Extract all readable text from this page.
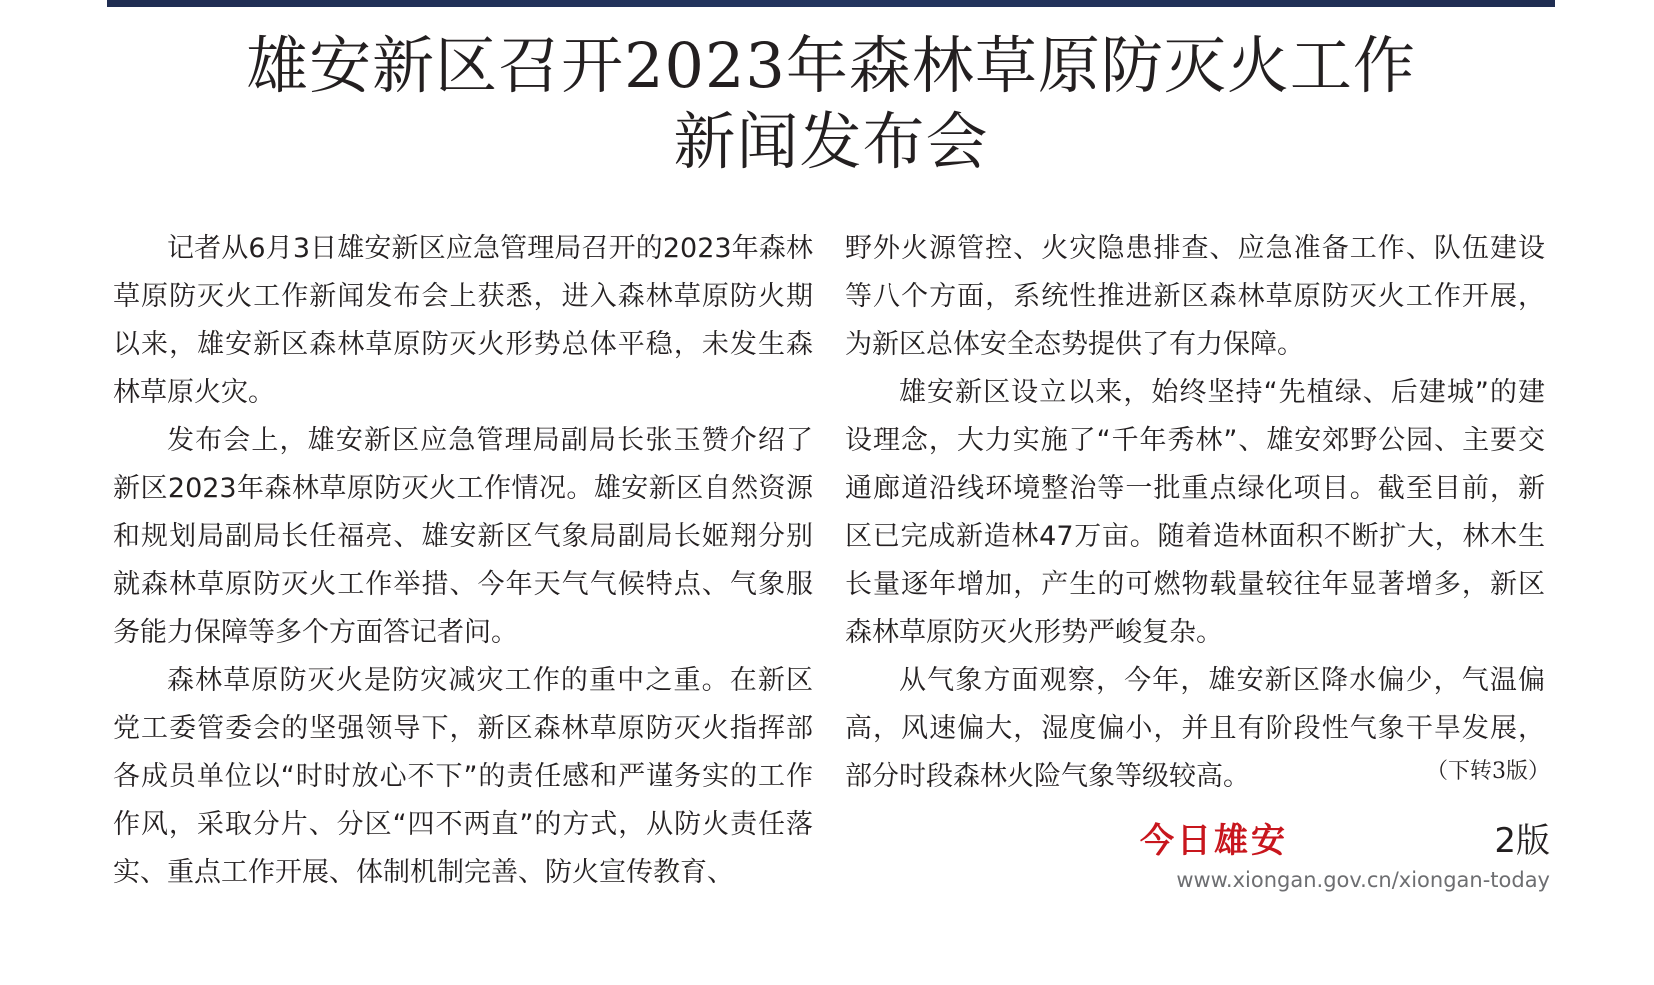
雄安新区召开2023年森林草原防灭火工作
新闻发布会

记者从6月3日雄安新区应急管理局召开的2023年森林草原防灭火工作新闻发布会上获悉，进入森林草原防火期以来，雄安新区森林草原防灭火形势总体平稳，未发生森林草原火灾。

发布会上，雄安新区应急管理局副局长张玉赞介绍了新区2023年森林草原防灭火工作情况。雄安新区自然资源和规划局副局长任福亮、雄安新区气象局副局长姬翔分别就森林草原防灭火工作举措、今年天气气候特点、气象服务能力保障等多个方面答记者问。

森林草原防灭火是防灾减灾工作的重中之重。在新区党工委管委会的坚强领导下，新区森林草原防灭火指挥部各成员单位以“时时放心不下”的责任感和严谨务实的工作作风，采取分片、分区“四不两直”的方式，从防火责任落实、重点工作开展、体制机制完善、防火宣传教育、

野外火源管控、火灾隐患排查、应急准备工作、队伍建设等八个方面，系统性推进新区森林草原防灭火工作开展，为新区总体安全态势提供了有力保障。

雄安新区设立以来，始终坚持“先植绿、后建城”的建设理念，大力实施了“千年秀林”、雄安郊野公园、主要交通廊道沿线环境整治等一批重点绿化项目。截至目前，新区已完成新造林47万亩。随着造林面积不断扩大，林木生长量逐年增加，产生的可燃物载量较往年显著增多，新区森林草原防灭火形势严峻复杂。

从气象方面观察，今年，雄安新区降水偏少，气温偏高，风速偏大，湿度偏小，并且有阶段性气象干旱发展，部分时段森林火险气象等级较高。	（下转3版）
今日雄安	2版
www.xiongan.gov.cn/xiongan-today
